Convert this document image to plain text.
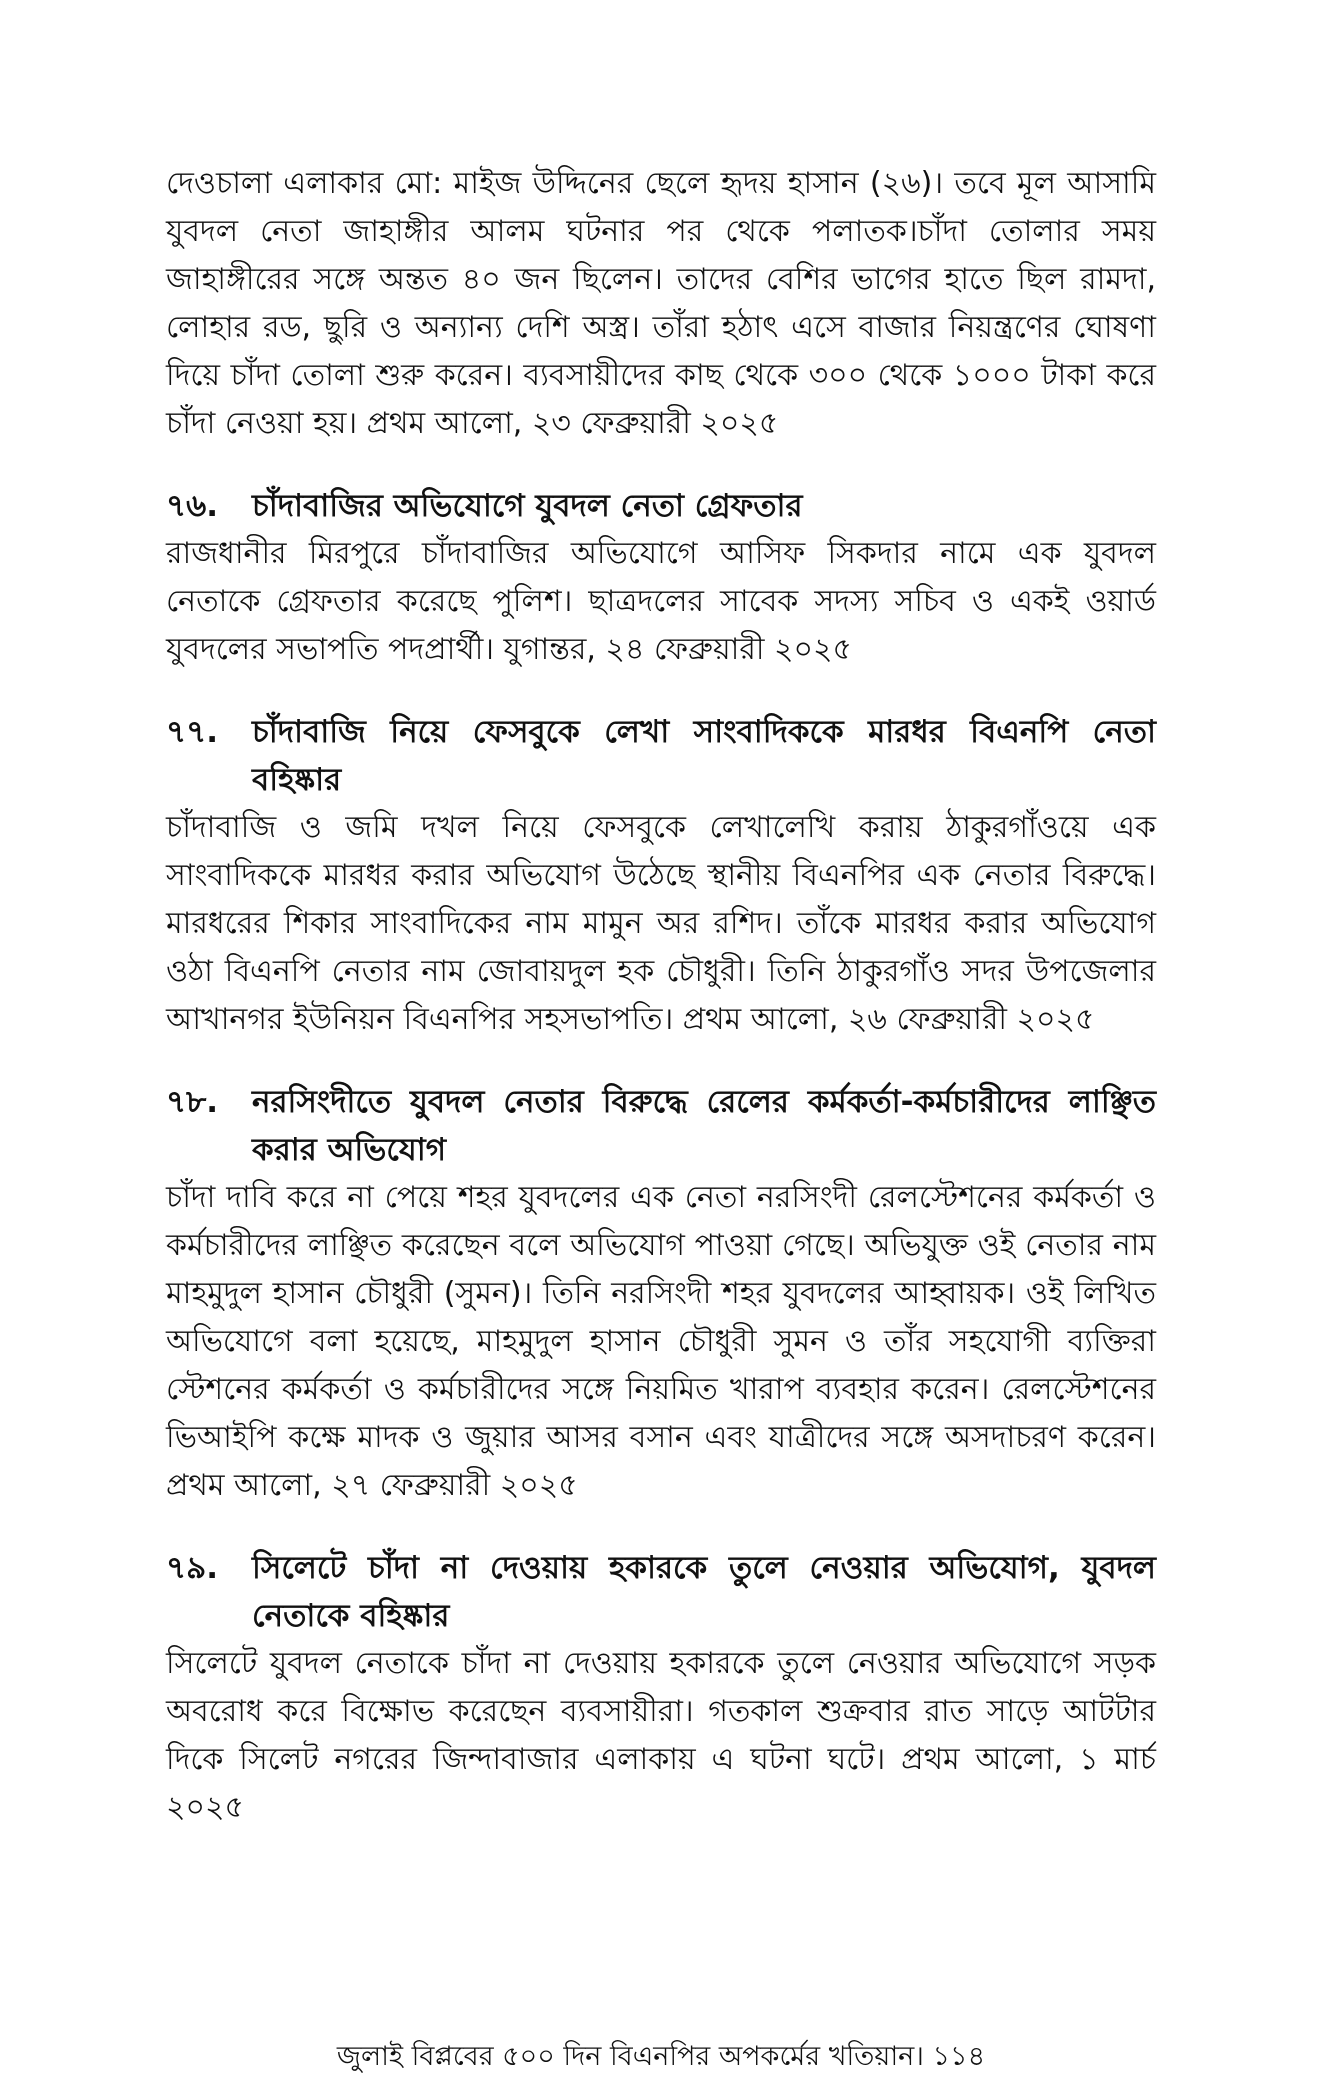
দেওচালা এলাকার মো: মাইজ উদ্দিনের ছেলে হৃদয় হাসান (২৬)। তবে মূল আসামি যুবদল নেতা জাহাঙ্গীর আলম ঘটনার পর থেকে পলাতক।চাঁদা তোলার সময় জাহাঙ্গীরের সঙ্গে অন্তত ৪০ জন ছিলেন। তাদের বেশির ভাগের হাতে ছিল রামদা, লোহার রড, ছুরি ও অন্যান্য দেশি অস্ত্র। তাঁরা হঠাৎ এসে বাজার নিয়ন্ত্রণের ঘোষণা দিয়ে চাঁদা তোলা শুরু করেন। ব্যবসায়ীদের কাছ থেকে ৩০০ থেকে ১০০০ টাকা করে চাঁদা নেওয়া হয়। প্রথম আলো, ২৩ ফেব্রুয়ারী ২০২৫

৭৬.	চাঁদাবাজির অভিযোগে যুবদল নেতা গ্রেফতার

রাজধানীর মিরপুরে চাঁদাবাজির অভিযোগে আসিফ সিকদার নামে এক যুবদল নেতাকে গ্রেফতার করেছে পুলিশ। ছাত্রদলের সাবেক সদস্য সচিব ও একই ওয়ার্ড যুবদলের সভাপতি পদপ্রার্থী। যুগান্তর, ২৪ ফেব্রুয়ারী ২০২৫

৭৭.	চাঁদাবাজি নিয়ে ফেসবুকে লেখা সাংবাদিককে মারধর বিএনপি নেতা বহিষ্কার

চাঁদাবাজি ও জমি দখল নিয়ে ফেসবুকে লেখালেখি করায় ঠাকুরগাঁওয়ে এক সাংবাদিককে মারধর করার অভিযোগ উঠেছে স্থানীয় বিএনপির এক নেতার বিরুদ্ধে। মারধরের শিকার সাংবাদিকের নাম মামুন অর রশিদ। তাঁকে মারধর করার অভিযোগ ওঠা বিএনপি নেতার নাম জোবায়দুল হক চৌধুরী। তিনি ঠাকুরগাঁও সদর উপজেলার আখানগর ইউনিয়ন বিএনপির সহসভাপতি। প্রথম আলো, ২৬ ফেব্রুয়ারী ২০২৫

৭৮.	নরসিংদীতে যুবদল নেতার বিরুদ্ধে রেলের কর্মকর্তা-কর্মচারীদের লাঞ্ছিত করার অভিযোগ

চাঁদা দাবি করে না পেয়ে শহর যুবদলের এক নেতা নরসিংদী রেলস্টেশনের কর্মকর্তা ও কর্মচারীদের লাঞ্ছিত করেছেন বলে অভিযোগ পাওয়া গেছে। অভিযুক্ত ওই নেতার নাম মাহমুদুল হাসান চৌধুরী (সুমন)। তিনি নরসিংদী শহর যুবদলের আহ্বায়ক। ওই লিখিত অভিযোগে বলা হয়েছে, মাহমুদুল হাসান চৌধুরী সুমন ও তাঁর সহযোগী ব্যক্তিরা স্টেশনের কর্মকর্তা ও কর্মচারীদের সঙ্গে নিয়মিত খারাপ ব্যবহার করেন। রেলস্টেশনের ভিআইপি কক্ষে মাদক ও জুয়ার আসর বসান এবং যাত্রীদের সঙ্গে অসদাচরণ করেন। প্রথম আলো, ২৭ ফেব্রুয়ারী ২০২৫

৭৯.	সিলেটে চাঁদা না দেওয়ায় হকারকে তুলে নেওয়ার অভিযোগ, যুবদল নেতাকে বহিষ্কার

সিলেটে যুবদল নেতাকে চাঁদা না দেওয়ায় হকারকে তুলে নেওয়ার অভিযোগে সড়ক অবরোধ করে বিক্ষোভ করেছেন ব্যবসায়ীরা। গতকাল শুক্রবার রাত সাড়ে আটটার দিকে সিলেট নগরের জিন্দাবাজার এলাকায় এ ঘটনা ঘটে। প্রথম আলো, ১ মার্চ ২০২৫

জুলাই বিপ্লবের ৫০০ দিন বিএনপির অপকর্মের খতিয়ান। ১১৪
